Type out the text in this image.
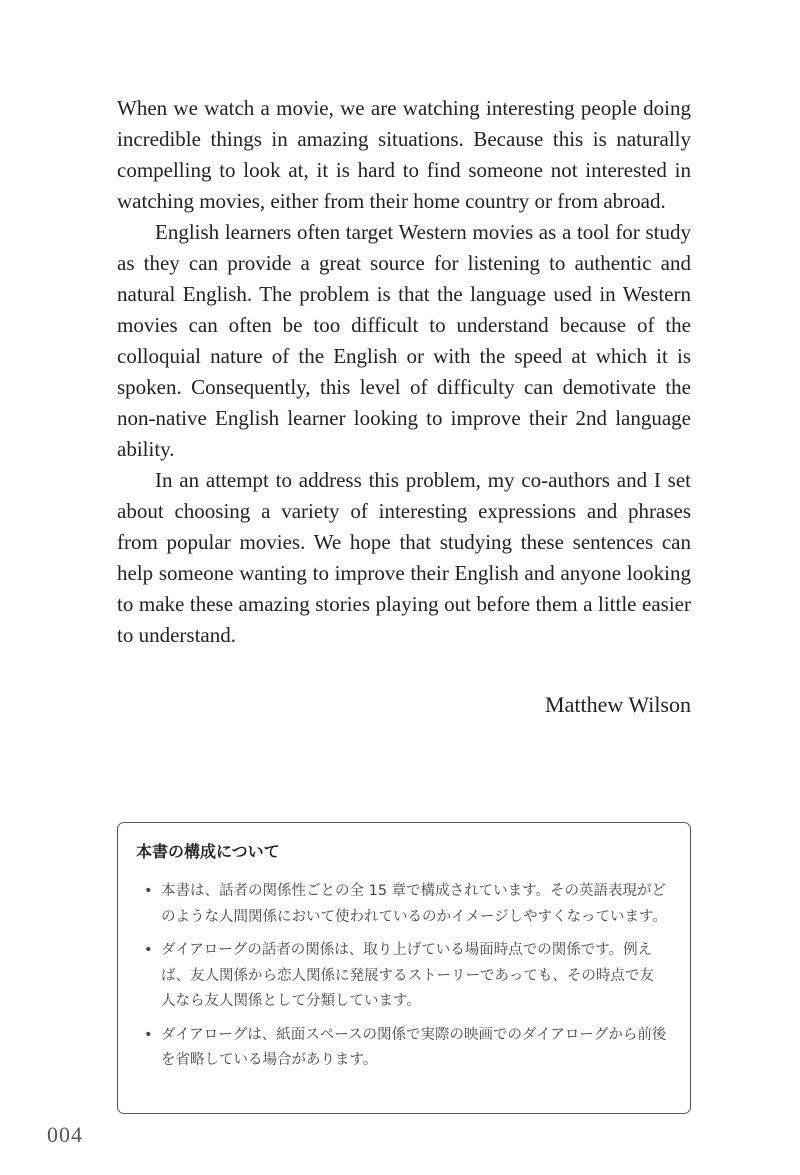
When we watch a movie, we are watching interesting people doing incredible things in amazing situations. Because this is naturally compelling to look at, it is hard to find someone not interested in watching movies, either from their home country or from abroad.

English learners often target Western movies as a tool for study as they can provide a great source for listening to authentic and natural English. The problem is that the language used in Western movies can often be too difficult to understand because of the colloquial nature of the English or with the speed at which it is spoken. Consequently, this level of difficulty can demotivate the non-native English learner looking to improve their 2nd language ability.

In an attempt to address this problem, my co-authors and I set about choosing a variety of interesting expressions and phrases from popular movies. We hope that studying these sentences can help someone wanting to improve their English and anyone looking to make these amazing stories playing out before them a little easier to understand.

Matthew Wilson
本書の構成について
• 本書は、話者の関係性ごとの全 15 章で構成されています。その英語表現がどのような人間関係において使われているのかイメージしやすくなっています。
• ダイアローグの話者の関係は、取り上げている場面時点での関係です。例えば、友人関係から恋人関係に発展するストーリーであっても、その時点で友人なら友人関係として分類しています。
• ダイアローグは、紙面スペースの関係で実際の映画でのダイアローグから前後を省略している場合があります。
004
